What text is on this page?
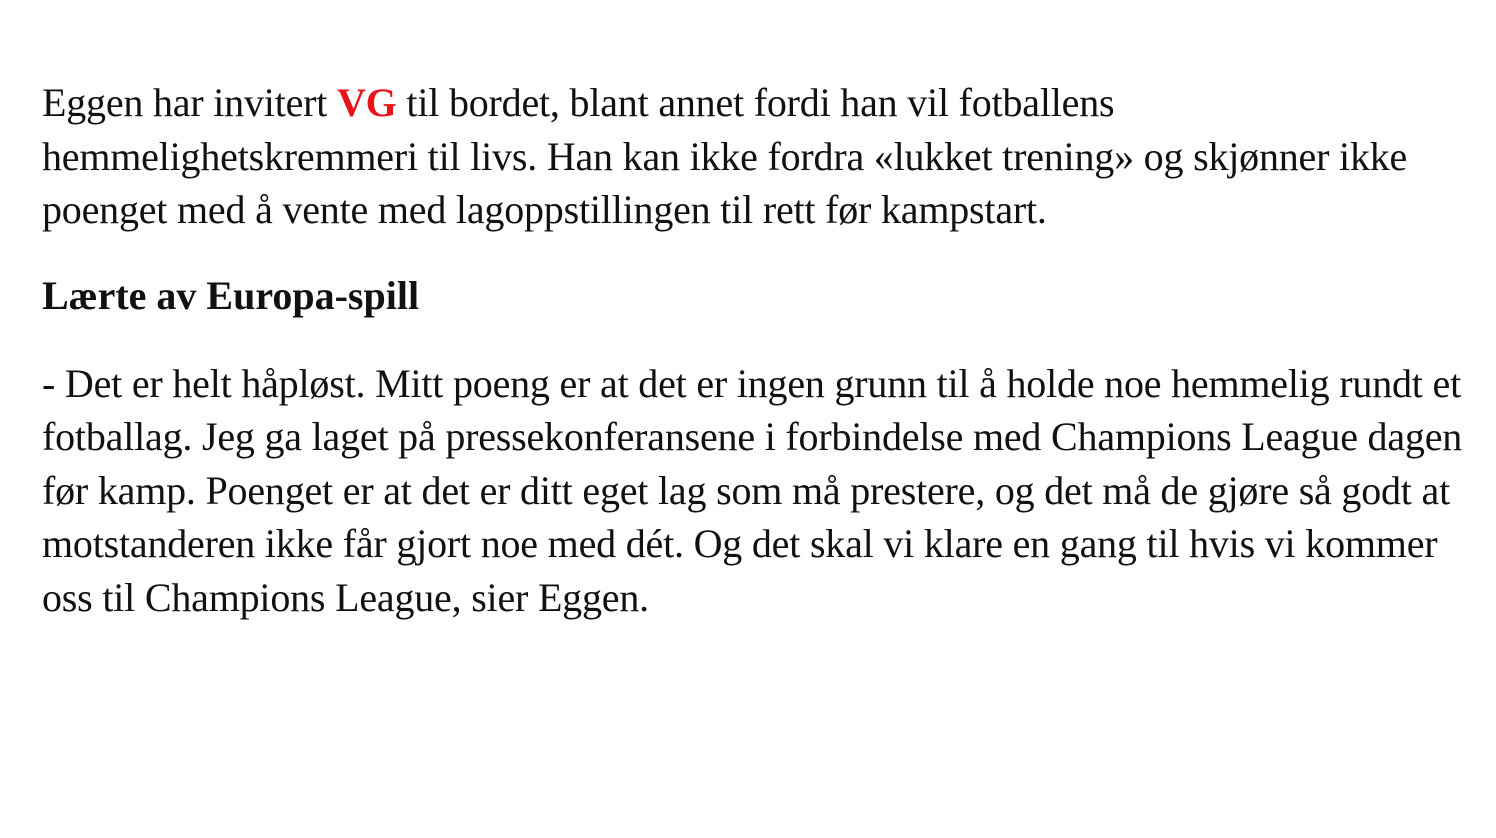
Eggen har invitert VG til bordet, blant annet fordi han vil fotballens hemmelighetskremmeri til livs. Han kan ikke fordra «lukket trening» og skjønner ikke poenget med å vente med lagoppstillingen til rett før kampstart.

Lærte av Europa-spill

- Det er helt håpløst. Mitt poeng er at det er ingen grunn til å holde noe hemmelig rundt et fotballag. Jeg ga laget på pressekonferansene i forbindelse med Champions League dagen før kamp. Poenget er at det er ditt eget lag som må prestere, og det må de gjøre så godt at motstanderen ikke får gjort noe med dét. Og det skal vi klare en gang til hvis vi kommer oss til Champions League, sier Eggen.
